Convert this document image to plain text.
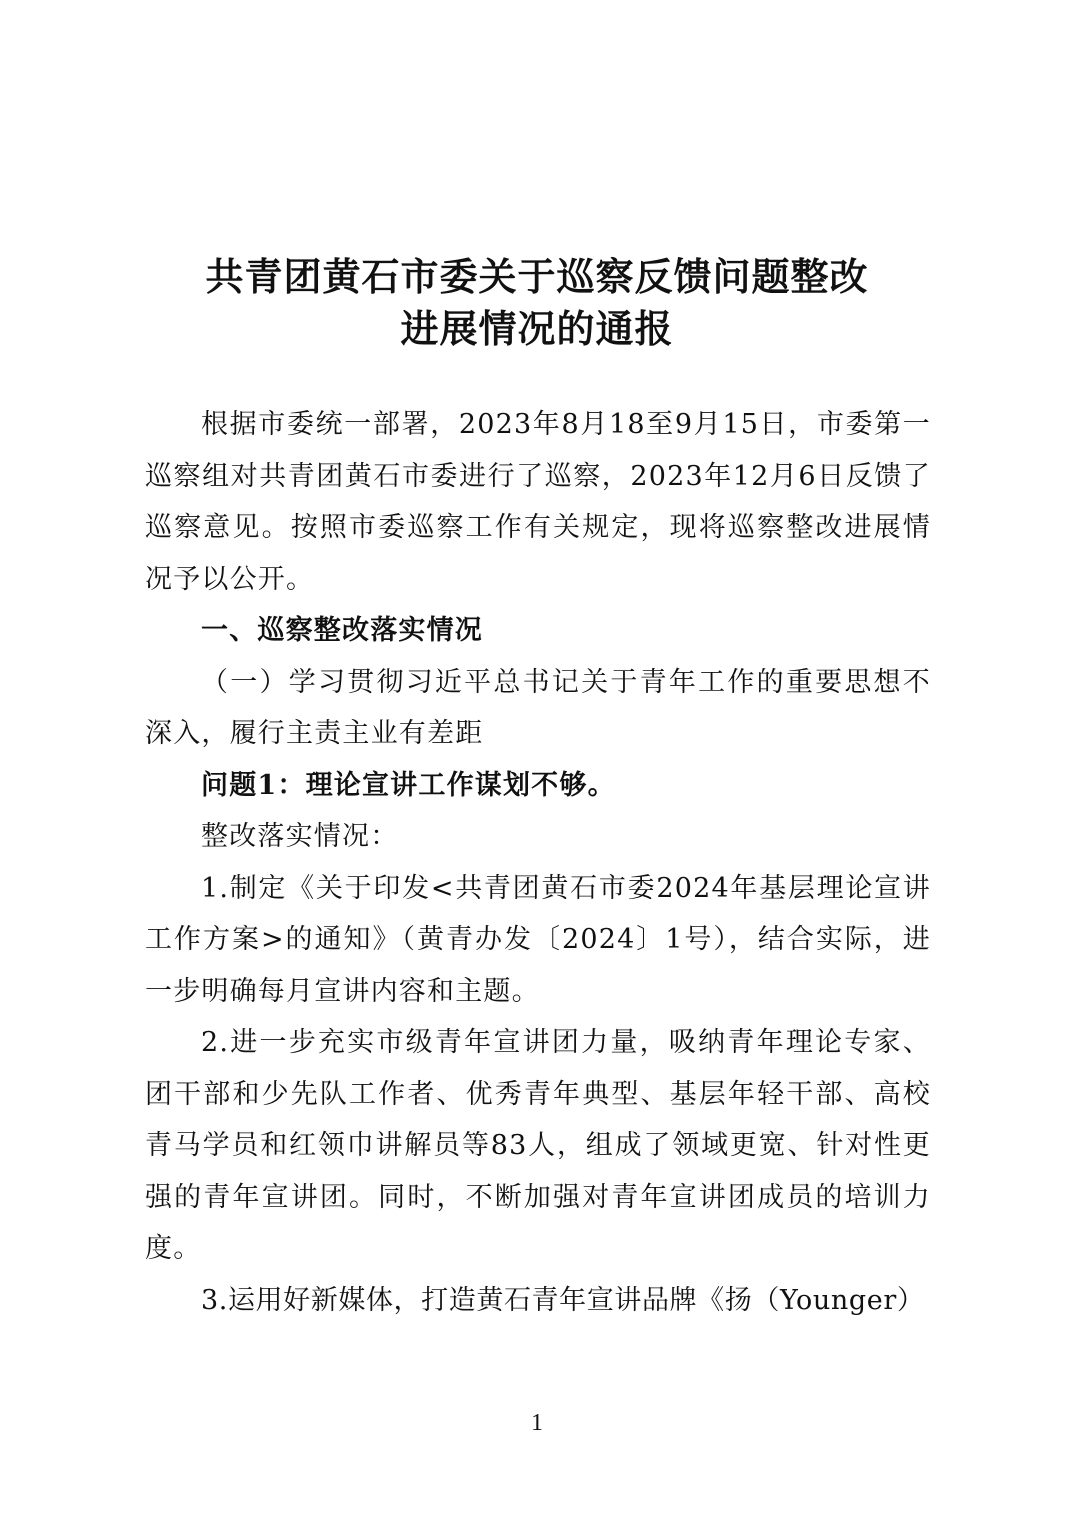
共青团黄石市委关于巡察反馈问题整改
进展情况的通报

根据市委统一部署，2023年8月18至9月15日，市委第一巡察组对共青团黄石市委进行了巡察，2023年12月6日反馈了巡察意见。按照市委巡察工作有关规定，现将巡察整改进展情况予以公开。

一、巡察整改落实情况

（一）学习贯彻习近平总书记关于青年工作的重要思想不深入，履行主责主业有差距

问题1：理论宣讲工作谋划不够。

整改落实情况：

1.制定《关于印发<共青团黄石市委2024年基层理论宣讲工作方案>的通知》（黄青办发〔2024〕1号），结合实际，进一步明确每月宣讲内容和主题。

2.进一步充实市级青年宣讲团力量，吸纳青年理论专家、团干部和少先队工作者、优秀青年典型、基层年轻干部、高校青马学员和红领巾讲解员等83人，组成了领域更宽、针对性更强的青年宣讲团。同时，不断加强对青年宣讲团成员的培训力度。

3.运用好新媒体，打造黄石青年宣讲品牌《扬（Younger）

1
